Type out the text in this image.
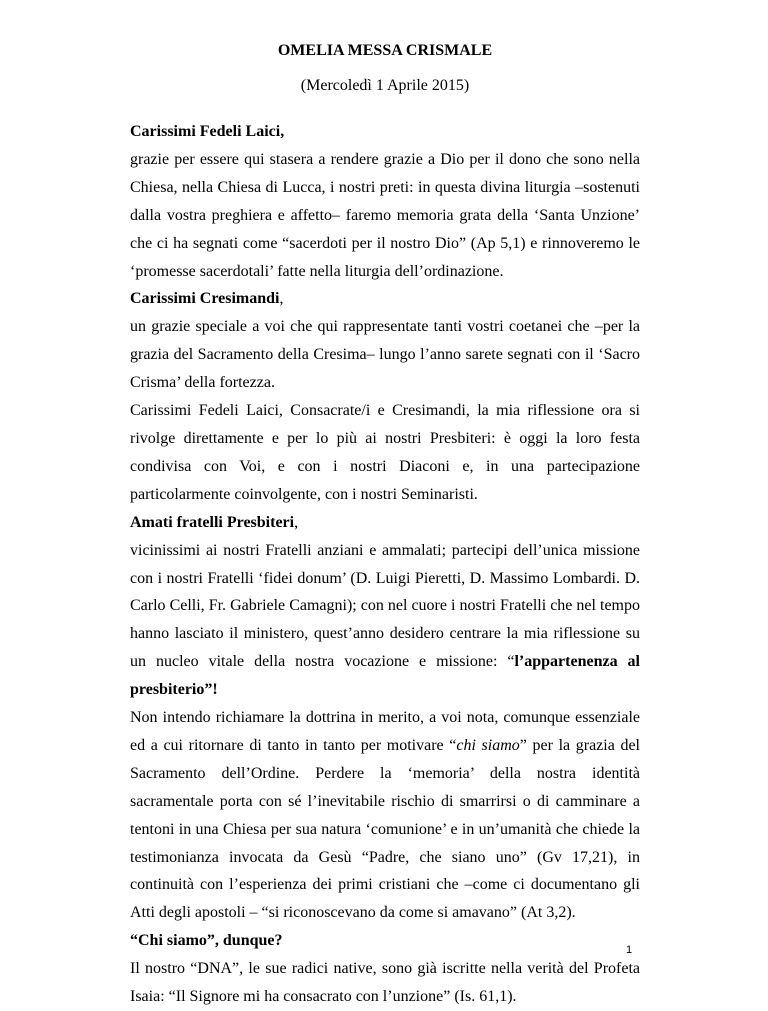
OMELIA MESSA CRISMALE
(Mercoledì 1 Aprile 2015)

Carissimi Fedeli Laici,

grazie per essere qui stasera a rendere grazie a Dio per il dono che sono nella Chiesa, nella Chiesa di Lucca, i nostri preti: in questa divina liturgia –sostenuti dalla vostra preghiera e affetto– faremo memoria grata della ‘Santa Unzione’ che ci ha segnati come “sacerdoti per il nostro Dio” (Ap 5,1) e rinnoveremo le ‘promesse sacerdotali’ fatte nella liturgia dell’ordinazione.

Carissimi Cresimandi,

un grazie speciale a voi che qui rappresentate tanti vostri coetanei che –per la grazia del Sacramento della Cresima– lungo l’anno sarete segnati con il ‘Sacro Crisma’ della fortezza.

Carissimi Fedeli Laici, Consacrate/i e Cresimandi, la mia riflessione ora si rivolge direttamente e per lo più ai nostri Presbiteri: è oggi la loro festa condivisa con Voi, e con i nostri Diaconi e, in una partecipazione particolarmente coinvolgente, con i nostri Seminaristi.

Amati fratelli Presbiteri,

vicinissimi ai nostri Fratelli anziani e ammalati; partecipi dell’unica missione con i nostri Fratelli ‘fidei donum’ (D. Luigi Pieretti, D. Massimo Lombardi. D. Carlo Celli, Fr. Gabriele Camagni); con nel cuore i nostri Fratelli che nel tempo hanno lasciato il ministero, quest’anno desidero centrare la mia riflessione su un nucleo vitale della nostra vocazione e missione: “l’appartenenza al presbiterio”!

Non intendo richiamare la dottrina in merito, a voi nota, comunque essenziale ed a cui ritornare di tanto in tanto per motivare “chi siamo” per la grazia del Sacramento dell’Ordine. Perdere la ‘memoria’ della nostra identità sacramentale porta con sé l’inevitabile rischio di smarrirsi o di camminare a tentoni in una Chiesa per sua natura ‘comunione’ e in un’umanità che chiede la testimonianza invocata da Gesù “Padre, che siano uno” (Gv 17,21), in continuità con l’esperienza dei primi cristiani che –come ci documentano gli Atti degli apostoli – “si riconoscevano da come si amavano” (At 3,2).

“Chi siamo”, dunque?

Il nostro “DNA”, le sue radici native, sono già iscritte nella verità del Profeta Isaia: “Il Signore mi ha consacrato con l’unzione” (Is. 61,1).

1
